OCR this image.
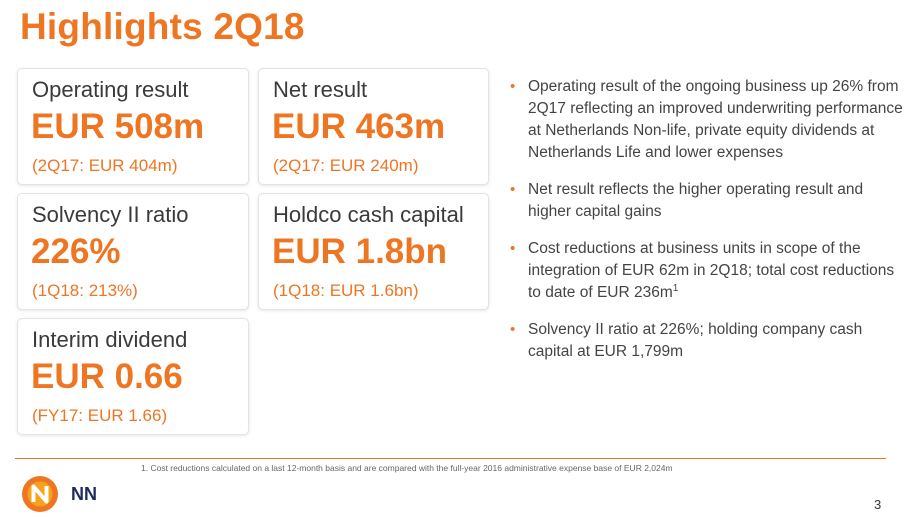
Highlights 2Q18
Operating result
EUR 508m
(2Q17: EUR 404m)
Net result
EUR 463m
(2Q17: EUR 240m)
Solvency II ratio
226%
(1Q18: 213%)
Holdco cash capital
EUR 1.8bn
(1Q18: EUR 1.6bn)
Interim dividend
EUR 0.66
(FY17: EUR 1.66)
• Operating result of the ongoing business up 26% from 2Q17 reflecting an improved underwriting performance at Netherlands Non-life, private equity dividends at Netherlands Life and lower expenses
• Net result reflects the higher operating result and higher capital gains
• Cost reductions at business units in scope of the integration of EUR 62m in 2Q18; total cost reductions to date of EUR $236m^1$
• Solvency II ratio at 226%; holding company cash capital at EUR 1,799m
1. Cost reductions calculated on a last 12-month basis and are compared with the full-year 2016 administrative expense base of EUR 2,024m
NN
3
